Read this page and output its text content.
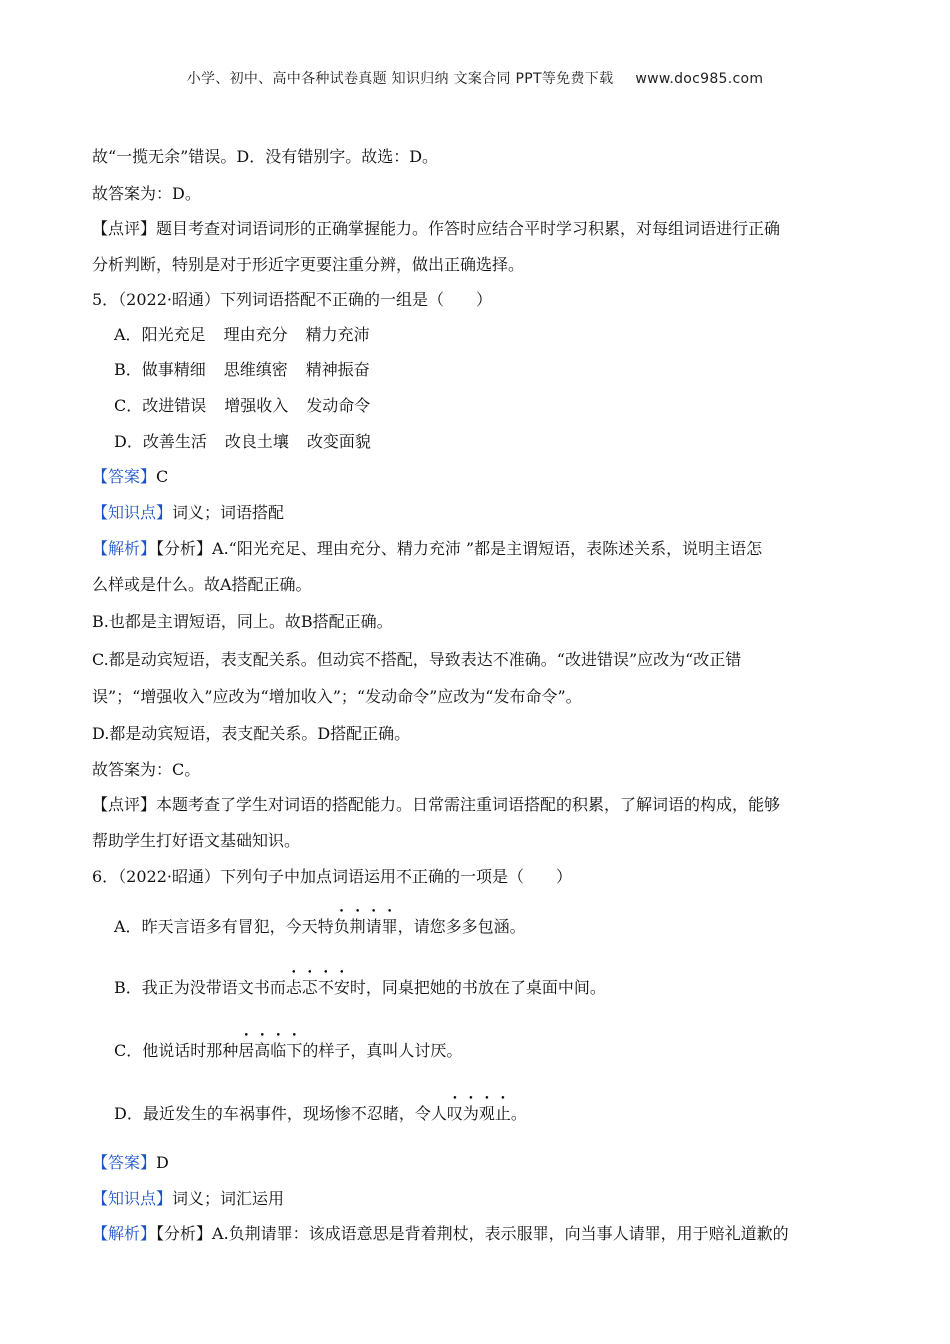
小学、初中、高中各种试卷真题 知识归纳 文案合同 PPT等免费下载 www.doc985.com
故“一揽无余”错误。D．没有错别字。故选：D。
故答案为：D。
【点评】题目考查对词语词形的正确掌握能力。作答时应结合平时学习积累，对每组词语进行正确
分析判断，特别是对于形近字更要注重分辨，做出正确选择。
5．（2022·昭通）下列词语搭配不正确的一组是（　　）
A．阳光充足 理由充分 精力充沛
B．做事精细 思维缜密 精神振奋
C．改进错误 增强收入 发动命令
D．改善生活 改良土壤 改变面貌
【答案】C
【知识点】词义；词语搭配
【解析】【分析】A.“阳光充足、理由充分、精力充沛 ”都是主谓短语，表陈述关系，说明主语怎
么样或是什么。故A搭配正确。
B.也都是主谓短语，同上。故B搭配正确。
C.都是动宾短语，表支配关系。但动宾不搭配，导致表达不准确。“改进错误”应改为“改正错
误”；“增强收入”应改为“增加收入”；“发动命令”应改为“发布命令”。
D.都是动宾短语，表支配关系。D搭配正确。
故答案为：C。
【点评】本题考查了学生对词语的搭配能力。日常需注重词语搭配的积累，了解词语的构成，能够
帮助学生打好语文基础知识。
6．（2022·昭通）下列句子中加点词语运用不正确的一项是（　　）
A．昨天言语多有冒犯，今天特负荆请罪，请您多多包涵。
B．我正为没带语文书而忐忑不安时，同桌把她的书放在了桌面中间。
C．他说话时那种居高临下的样子，真叫人讨厌。
D．最近发生的车祸事件，现场惨不忍睹，令人叹为观止。
【答案】D
【知识点】词义；词汇运用
【解析】【分析】A.负荆请罪：该成语意思是背着荆杖，表示服罪，向当事人请罪，用于赔礼道歉的
